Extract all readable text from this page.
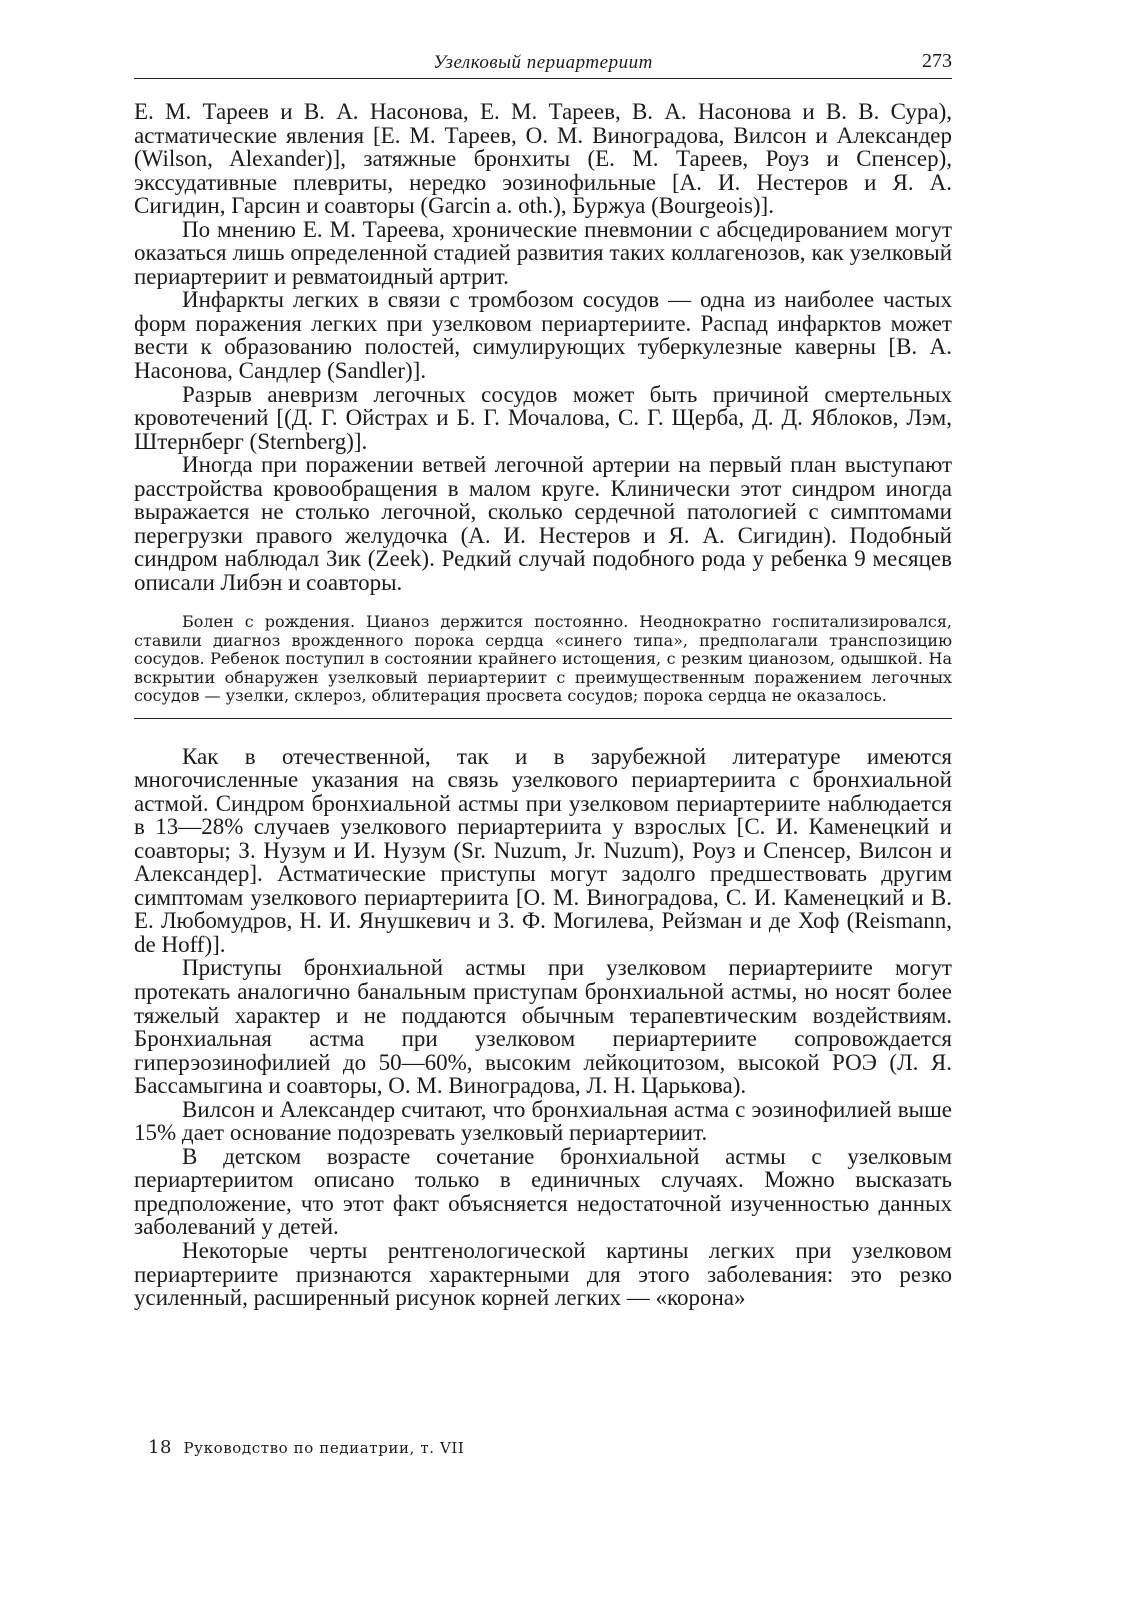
Узелковый периартериит	273

Е. М. Тареев и В. А. Насонова, Е. М. Тареев, В. А. Насонова и В. В. Сура), астматические явления [Е. М. Тареев, О. М. Виноградова, Вилсон и Александер (Wilson, Alexander)], затяжные бронхиты (Е. М. Тареев, Роуз и Спенсер), экссудативные плевриты, нередко эозинофильные [А. И. Нестеров и Я. А. Сигидин, Гарсин и соавторы (Garcin a. oth.), Буржуа (Bourgeois)].

По мнению Е. М. Тареева, хронические пневмонии с абсцедированием могут оказаться лишь определенной стадией развития таких коллагенозов, как узелковый периартериит и ревматоидный артрит.

Инфаркты легких в связи с тромбозом сосудов — одна из наиболее частых форм поражения легких при узелковом периартериите. Распад инфарктов может вести к образованию полостей, симулирующих туберкулезные каверны [В. А. Насонова, Сандлер (Sandler)].

Разрыв аневризм легочных сосудов может быть причиной смертельных кровотечений [(Д. Г. Ойстрах и Б. Г. Мочалова, С. Г. Щерба, Д. Д. Яблоков, Лэм, Штернберг (Sternberg)].

Иногда при поражении ветвей легочной артерии на первый план выступают расстройства кровообращения в малом круге. Клинически этот синдром иногда выражается не столько легочной, сколько сердечной патологией с симптомами перегрузки правого желудочка (А. И. Нестеров и Я. А. Сигидин). Подобный синдром наблюдал Зик (Zeek). Редкий случай подобного рода у ребенка 9 месяцев описали Либэн и соавторы.

Болен с рождения. Цианоз держится постоянно. Неоднократно госпитализировался, ставили диагноз врожденного порока сердца «синего типа», предполагали транспозицию сосудов. Ребенок поступил в состоянии крайнего истощения, с резким цианозом, одышкой. На вскрытии обнаружен узелковый периартериит с преимущественным поражением легочных сосудов — узелки, склероз, облитерация просвета сосудов; порока сердца не оказалось.

Как в отечественной, так и в зарубежной литературе имеются многочисленные указания на связь узелкового периартериита с бронхиальной астмой. Синдром бронхиальной астмы при узелковом периартериите наблюдается в 13—28% случаев узелкового периартериита у взрослых [С. И. Каменецкий и соавторы; З. Нузум и И. Нузум (Sr. Nuzum, Jr. Nuzum), Роуз и Спенсер, Вилсон и Александер]. Астматические приступы могут задолго предшествовать другим симптомам узелкового периартериита [О. М. Виноградова, С. И. Каменецкий и В. Е. Любомудров, Н. И. Янушкевич и З. Ф. Могилева, Рейзман и де Хоф (Reismann, de Hoff)].

Приступы бронхиальной астмы при узелковом периартериите могут протекать аналогично банальным приступам бронхиальной астмы, но носят более тяжелый характер и не поддаются обычным терапевтическим воздействиям. Бронхиальная астма при узелковом периартериите сопровождается гиперэозинофилией до 50—60%, высоким лейкоцитозом, высокой РОЭ (Л. Я. Бассамыгина и соавторы, О. М. Виноградова, Л. Н. Царькова).

Вилсон и Александер считают, что бронхиальная астма с эозинофилией выше 15% дает основание подозревать узелковый периартериит.

В детском возрасте сочетание бронхиальной астмы с узелковым периартериитом описано только в единичных случаях. Можно высказать предположение, что этот факт объясняется недостаточной изученностью данных заболеваний у детей.

Некоторые черты рентгенологической картины легких при узелковом периартериите признаются характерными для этого заболевания: это резко усиленный, расширенный рисунок корней легких — «корона»

18 Руководство по педиатрии, т. VII
